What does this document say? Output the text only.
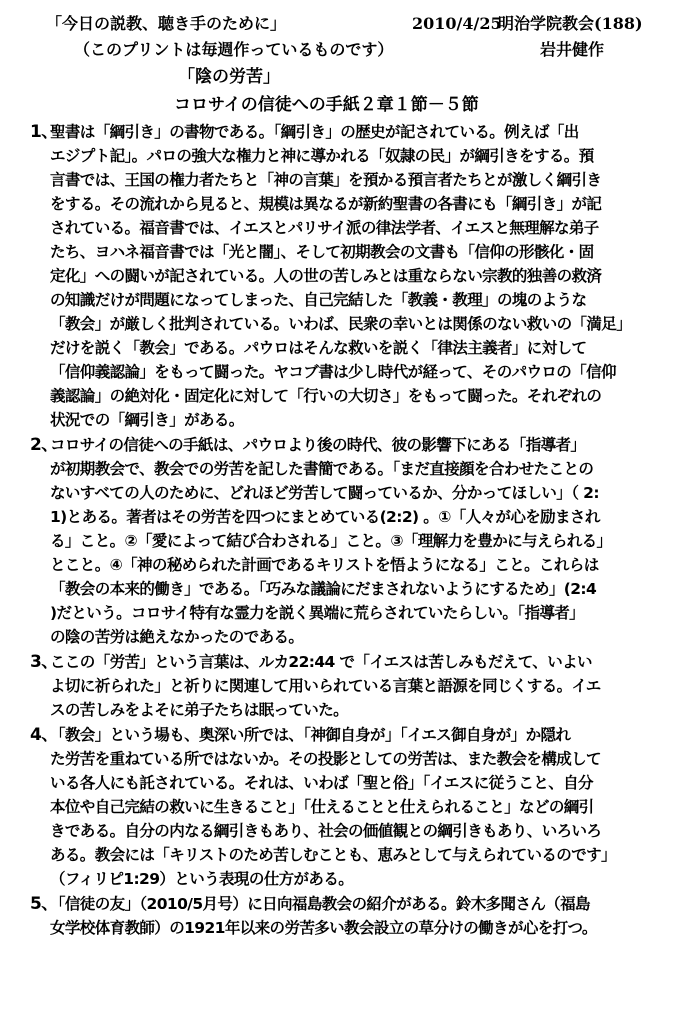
「今日の説教、聴き手のために」	2010/4/25
明治学院教会(188)
（このプリントは毎週作っているものです）	岩井健作
「陰の労苦」
コロサイの信徒への手紙２章１節－５節
1、
聖書は「綱引き」の書物である。「綱引き」の歴史が記されている。例えば「出
エジプト記」。パロの強大な権力と神に導かれる「奴隷の民」が綱引きをする。預
言書では、王国の権力者たちと「神の言葉」を預かる預言者たちとが激しく綱引き
をする。その流れから見ると、規模は異なるが新約聖書の各書にも「綱引き」が記
されている。福音書では、イエスとパリサイ派の律法学者、イエスと無理解な弟子
たち、ヨハネ福音書では「光と闇」、そして初期教会の文書も「信仰の形骸化・固
定化」への闘いが記されている。人の世の苦しみとは重ならない宗教的独善の救済
の知識だけが問題になってしまった、自己完結した「教義・教理」の塊のような
「教会」が厳しく批判されている。いわば、民衆の幸いとは関係のない救いの「満足」
だけを説く「教会」である。パウロはそんな救いを説く「律法主義者」に対して
「信仰義認論」をもって闘った。ヤコブ書は少し時代が経って、そのパウロの「信仰
義認論」の絶対化・固定化に対して「行いの大切さ」をもって闘った。それぞれの
状況での「綱引き」がある。
2、
コロサイの信徒への手紙は、パウロより後の時代、彼の影響下にある「指導者」
が初期教会で、教会での労苦を記した書簡である。「まだ直接顔を合わせたことの
ないすべての人のために、どれほど労苦して闘っているか、分かってほしい」（ 2:
1)とある。著者はその労苦を四つにまとめている(2:2) 。①「人々が心を励まされ
る」こと。②「愛によって結び合わされる」こと。③「理解力を豊かに与えられる」
とこと。④「神の秘められた計画であるキリストを悟ようになる」こと。これらは
「教会の本来的働き」である。「巧みな議論にだまされないようにするため」(2:4
)だという。コロサイ特有な霊力を説く異端に荒らされていたらしい。「指導者」
の陰の苦労は絶えなかったのである。
3、
ここの「労苦」という言葉は、ルカ22:44 で「イエスは苦しみもだえて、いよい
よ切に祈られた」と祈りに関連して用いられている言葉と語源を同じくする。イエ
スの苦しみをよそに弟子たちは眠っていた。
4、
「教会」という場も、奥深い所では、「神御自身が」「イエス御自身が」か隠れ
た労苦を重ねている所ではないか。その投影としての労苦は、また教会を構成して
いる各人にも託されている。それは、いわば「聖と俗」「イエスに従うこと、自分
本位や自己完結の救いに生きること」「仕えることと仕えられること」などの綱引
きである。自分の内なる綱引きもあり、社会の価値観との綱引きもあり、いろいろ
ある。教会には「キリストのため苦しむことも、恵みとして与えられているのです」
（フィリピ1:29）という表現の仕方がある。
5、
「信徒の友」（2010/5月号）に日向福島教会の紹介がある。鈴木多聞さん（福島
女学校体育教師）の1921年以来の労苦多い教会設立の草分けの働きが心を打つ。
